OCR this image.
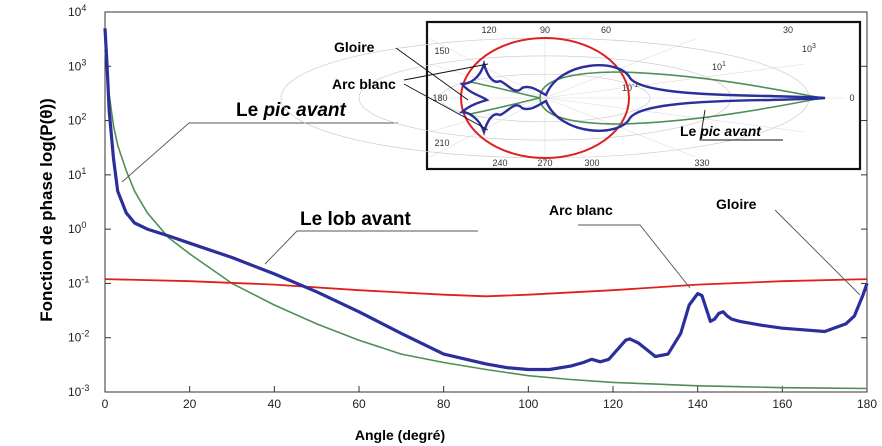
$10^4$
$10^3$
$10^2$
$10^1$
$10^0$
$10^{-1}$
$10^{-2}$
$10^{-3}$
0	20	40	60	80	100	120	140	160	180
Fonction de phase log(P(θ))
Angle (degré)
Le pic avant
Le lob avant	Arc blanc	Gloire
0
30
60
90
120
150
180
210
240	270	300	330
$10^{-1}$
$10^1$
$10^3$
Gloire
Arc blanc
Le pic avant
